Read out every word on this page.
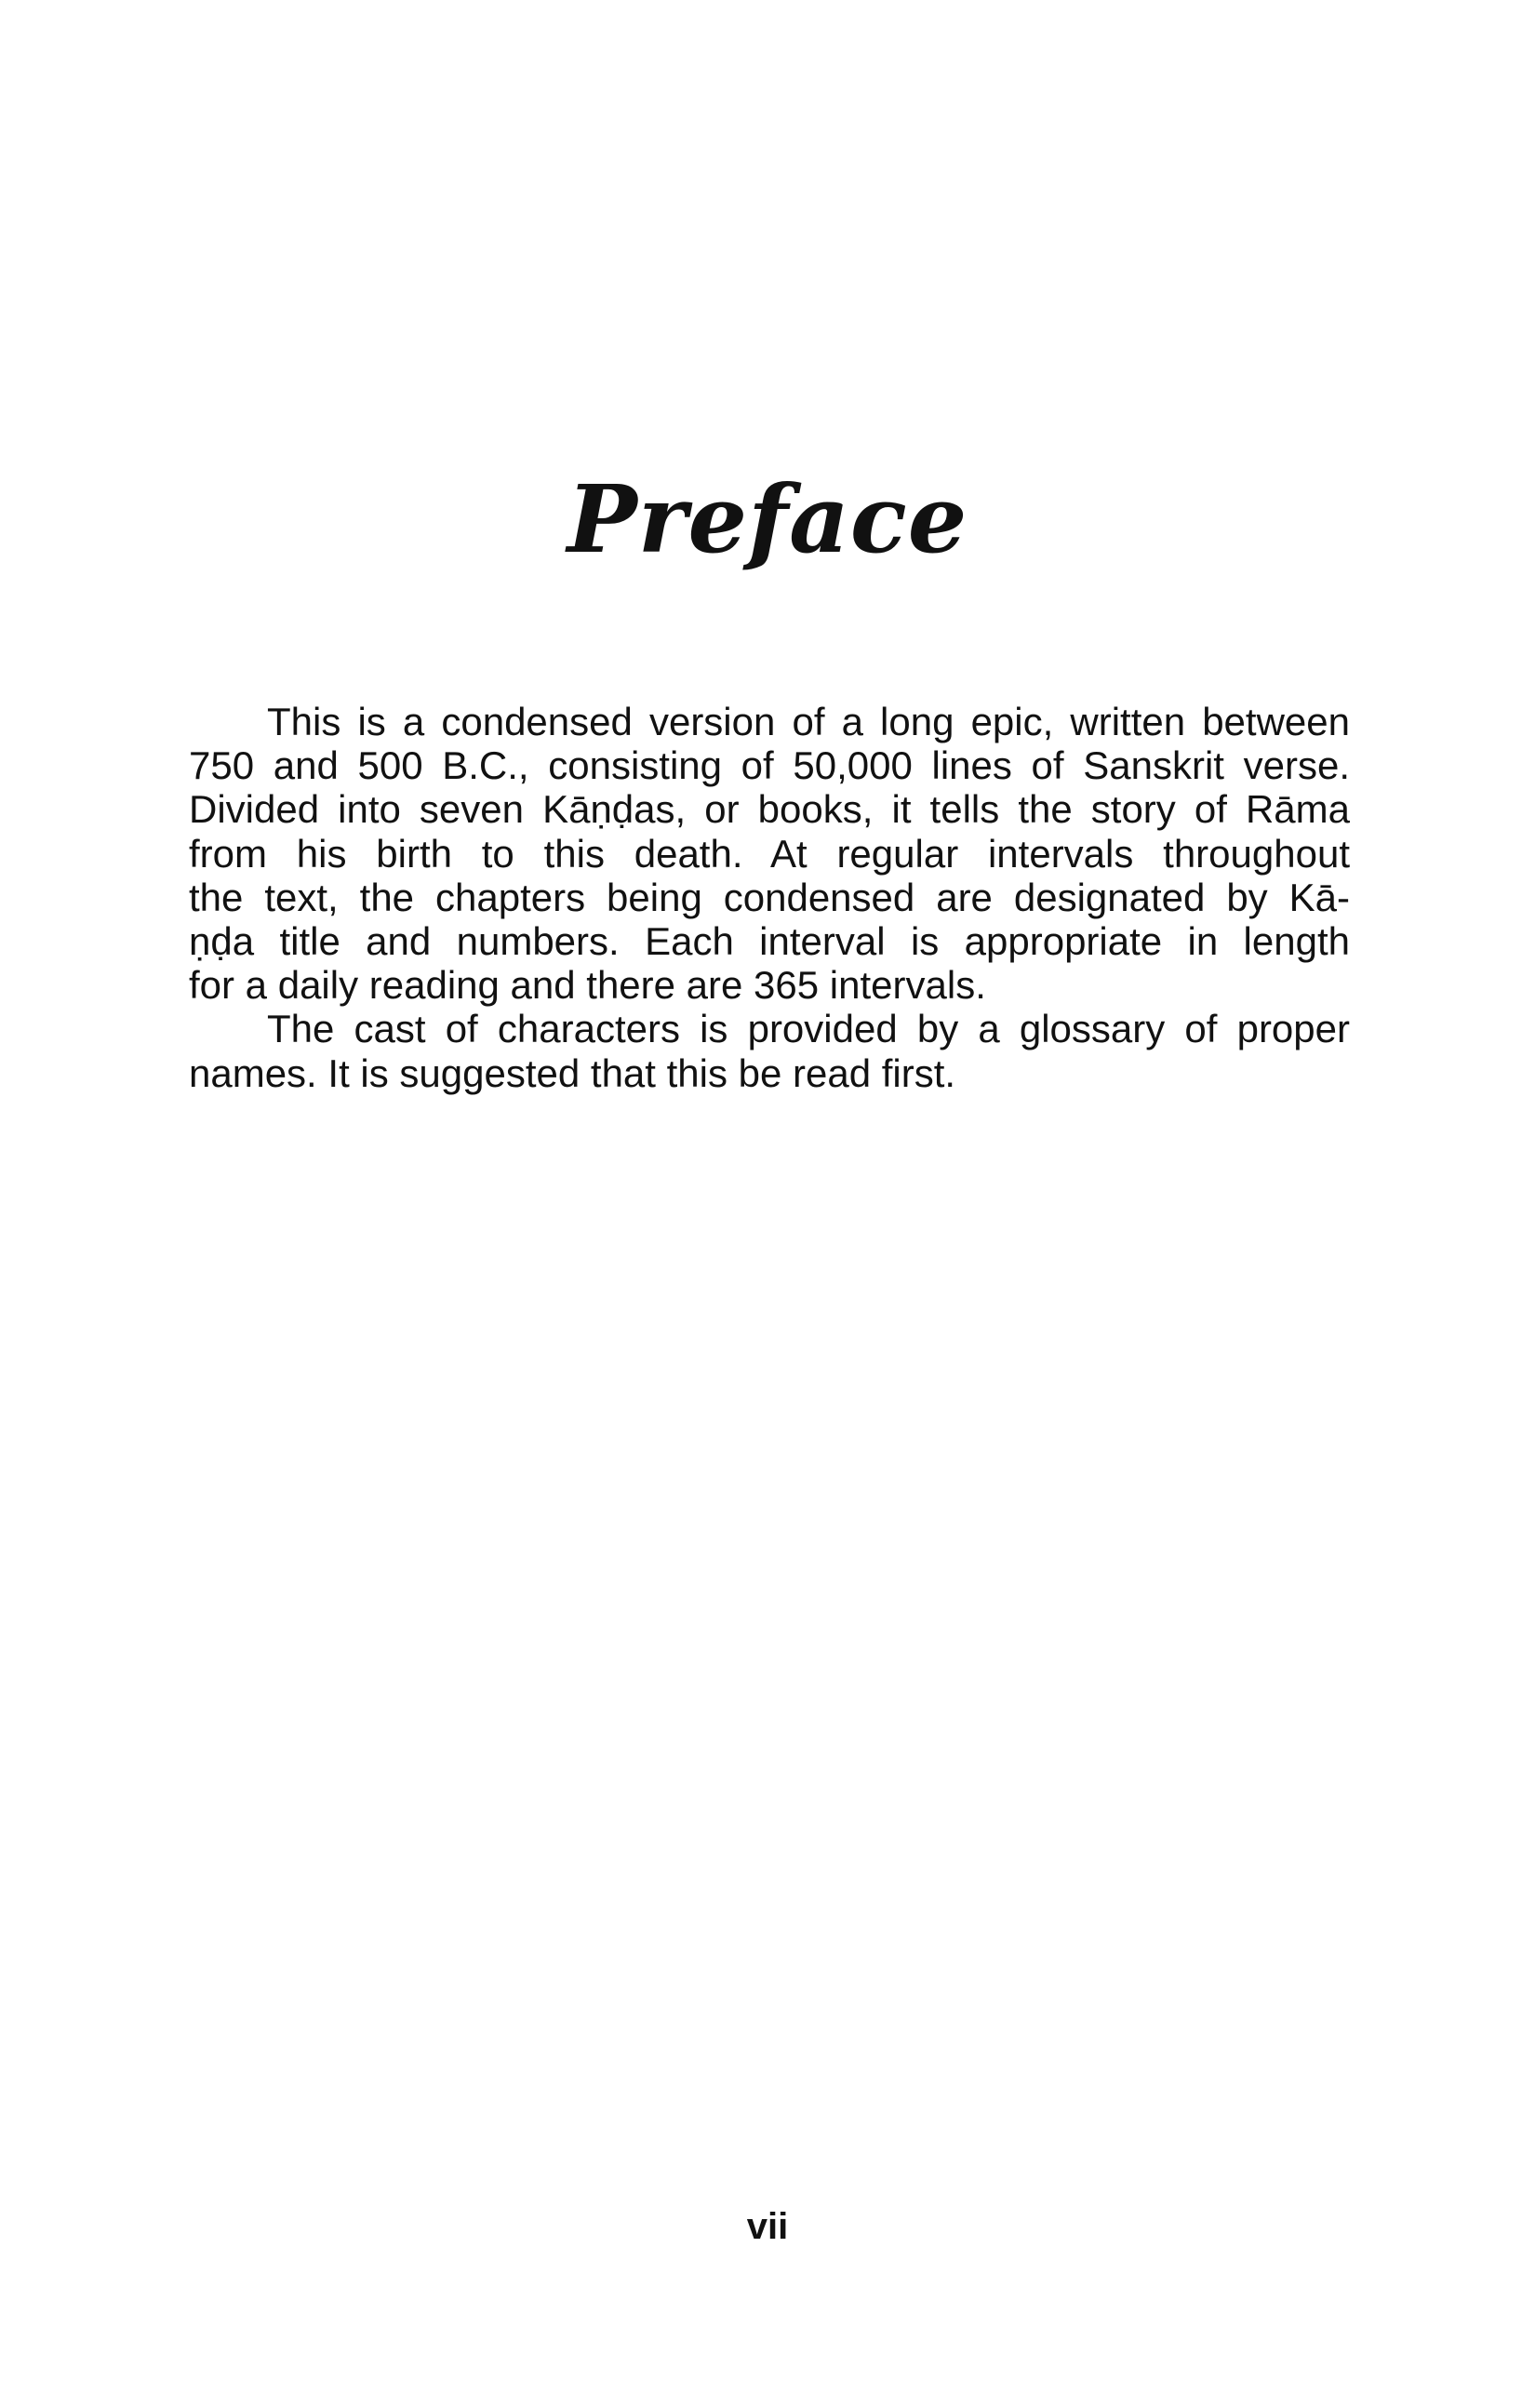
Preface
This is a condensed version of a long epic, written between
750 and 500 B.C., consisting of 50,000 lines of Sanskrit verse.
Divided into seven Kāṇḍas, or books, it tells the story of Rāma
from his birth to this death. At regular intervals throughout
the text, the chapters being condensed are designated by Kā-
ṇḍa title and numbers. Each interval is appropriate in length
for a daily reading and there are 365 intervals.
The cast of characters is provided by a glossary of proper
names. It is suggested that this be read first.
vii
